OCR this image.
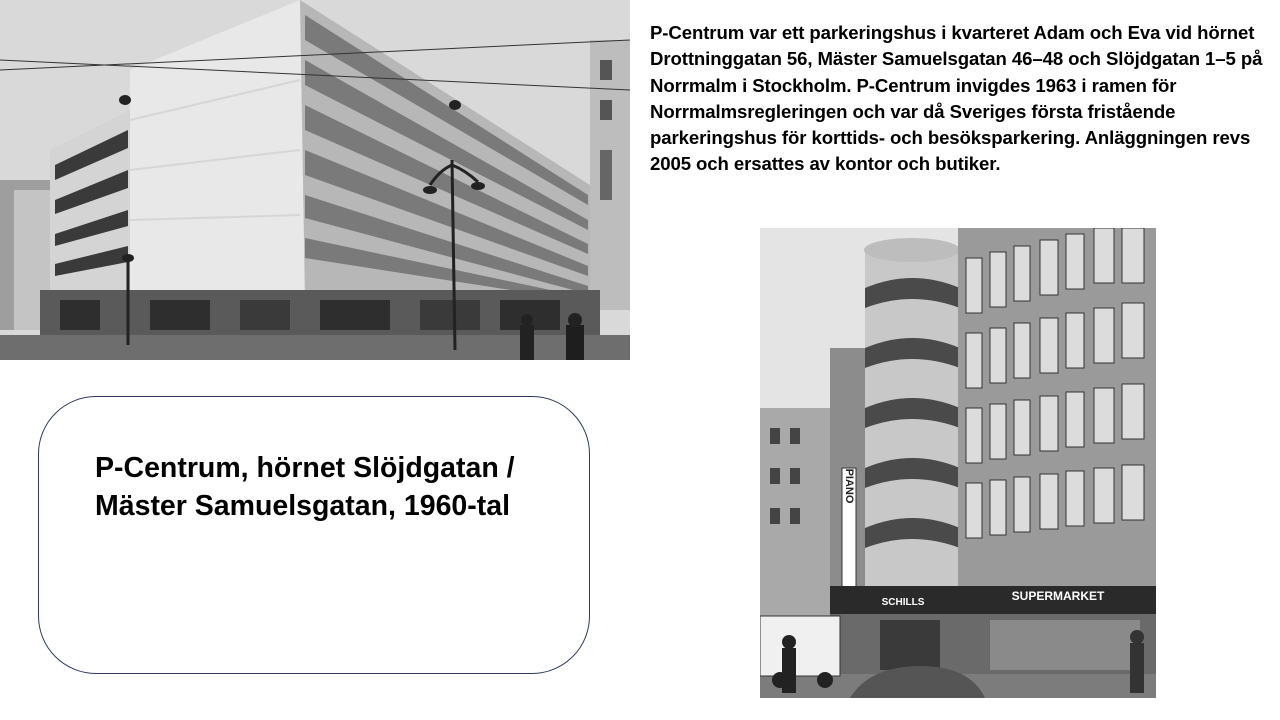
P-Centrum var ett parkeringshus i kvarteret Adam och Eva vid hörnet Drottninggatan 56, Mäster Samuelsgatan 46–48 och Slöjdgatan 1–5 på Norrmalm i Stockholm. P-Centrum invigdes 1963 i ramen för Norrmalmsregleringen och var då Sveriges första fristående parkeringshus för korttids- och besöksparkering. Anläggningen revs 2005 och ersattes av kontor och butiker.
P-Centrum, hörnet Slöjdgatan / Mäster Samuelsgatan, 1960-tal
PIANO
SCHILLS	SUPERMARKET
